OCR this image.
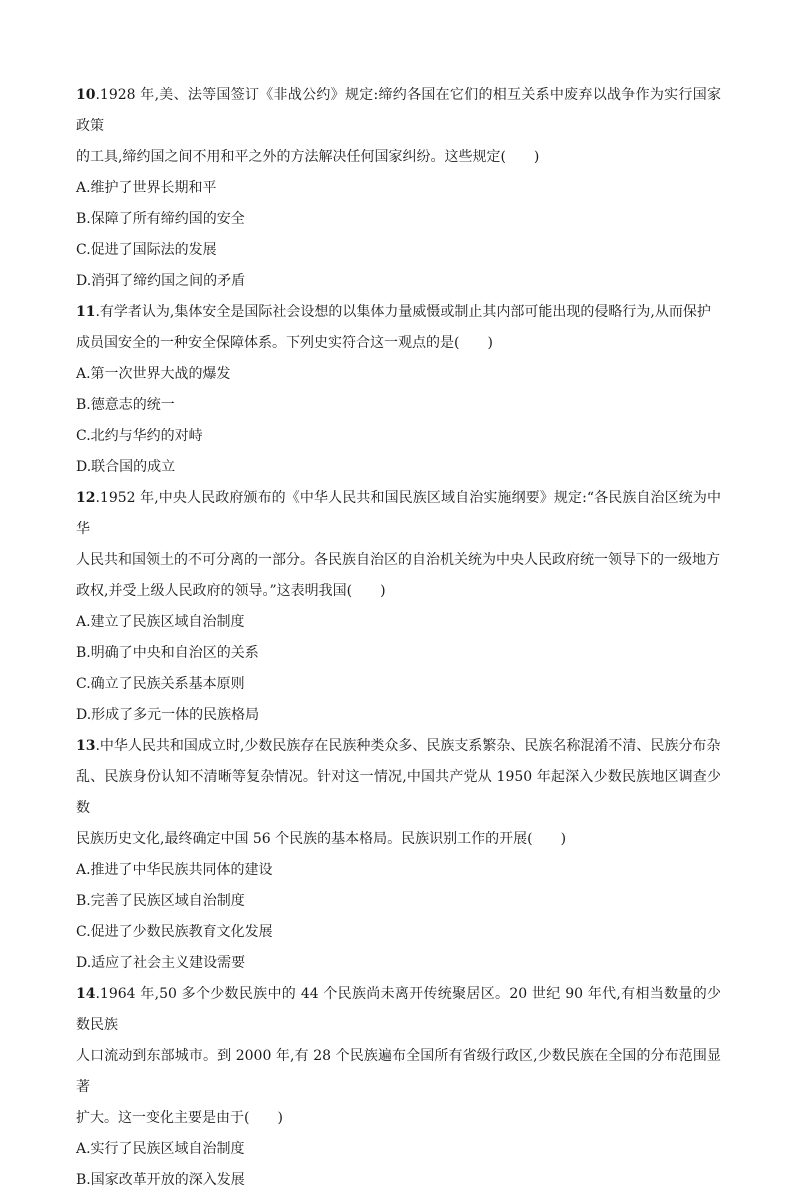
10.1928 年,美、法等国签订《非战公约》规定:缔约各国在它们的相互关系中废弃以战争作为实行国家政策
的工具,缔约国之间不用和平之外的方法解决任何国家纠纷。这些规定(　　)

A.维护了世界长期和平

B.保障了所有缔约国的安全

C.促进了国际法的发展

D.消弭了缔约国之间的矛盾

11.有学者认为,集体安全是国际社会设想的以集体力量威慑或制止其内部可能出现的侵略行为,从而保护
成员国安全的一种安全保障体系。下列史实符合这一观点的是(　　)

A.第一次世界大战的爆发

B.德意志的统一

C.北约与华约的对峙

D.联合国的成立

12.1952 年,中央人民政府颁布的《中华人民共和国民族区域自治实施纲要》规定:“各民族自治区统为中华
人民共和国领土的不可分离的一部分。各民族自治区的自治机关统为中央人民政府统一领导下的一级地方
政权,并受上级人民政府的领导。”这表明我国(　　)

A.建立了民族区域自治制度

B.明确了中央和自治区的关系

C.确立了民族关系基本原则

D.形成了多元一体的民族格局

13.中华人民共和国成立时,少数民族存在民族种类众多、民族支系繁杂、民族名称混淆不清、民族分布杂
乱、民族身份认知不清晰等复杂情况。针对这一情况,中国共产党从 1950 年起深入少数民族地区调查少数
民族历史文化,最终确定中国 56 个民族的基本格局。民族识别工作的开展(　　)

A.推进了中华民族共同体的建设

B.完善了民族区域自治制度

C.促进了少数民族教育文化发展

D.适应了社会主义建设需要

14.1964 年,50 多个少数民族中的 44 个民族尚未离开传统聚居区。20 世纪 90 年代,有相当数量的少数民族
人口流动到东部城市。到 2000 年,有 28 个民族遍布全国所有省级行政区,少数民族在全国的分布范围显著
扩大。这一变化主要是由于(　　)

A.实行了民族区域自治制度

B.国家改革开放的深入发展
